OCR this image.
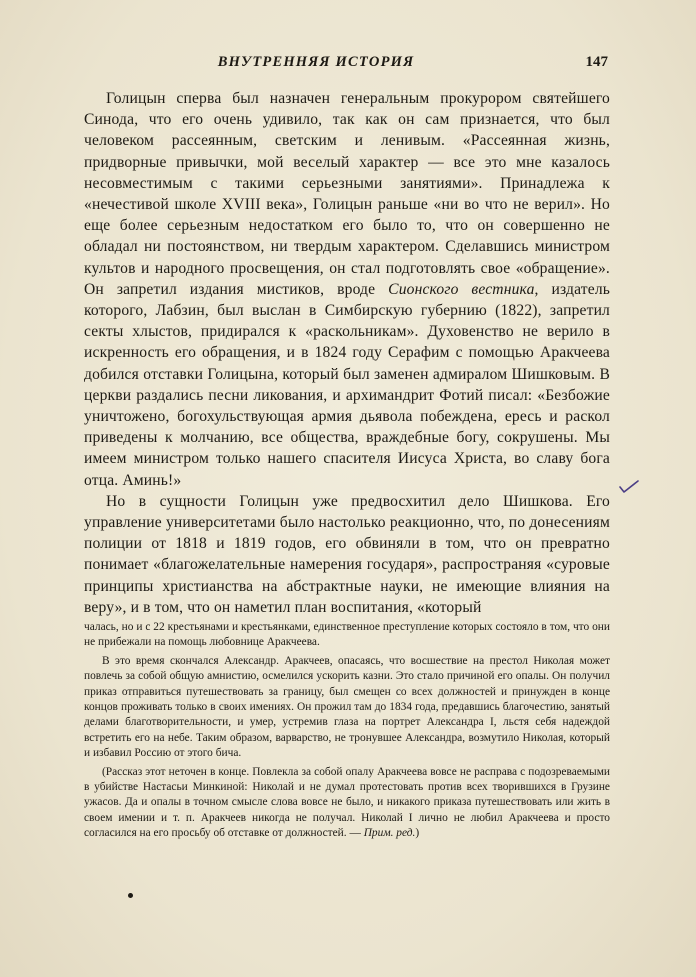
ВНУТРЕННЯЯ ИСТОРИЯ	147

Голицын сперва был назначен генеральным прокурором святейшего Синода, что его очень удивило, так как он сам признается, что был человеком рассеянным, светским и ленивым. «Рассеянная жизнь, придворные привычки, мой веселый характер — все это мне казалось несовместимым с такими серьезными занятиями». Принадлежа к «нечестивой школе XVIII века», Голицын раньше «ни во что не верил». Но еще более серьезным недостатком его было то, что он совершенно не обладал ни постоянством, ни твердым характером. Сделавшись министром культов и народного просвещения, он стал подготовлять свое «обращение». Он запретил издания мистиков, вроде Сионского вестника, издатель которого, Лабзин, был выслан в Симбирскую губернию (1822), запретил секты хлыстов, придирался к «раскольникам». Духовенство не верило в искренность его обращения, и в 1824 году Серафим с помощью Аракчеева добился отставки Голицына, который был заменен адмиралом Шишковым. В церкви раздались песни ликования, и архимандрит Фотий писал: «Безбожие уничтожено, богохульствующая армия дьявола побеждена, ересь и раскол приведены к молчанию, все общества, враждебные богу, сокрушены. Мы имеем министром только нашего спасителя Иисуса Христа, во славу бога отца. Аминь!»

Но в сущности Голицын уже предвосхитил дело Шишкова. Его управление университетами было настолько реакционно, что, по донесениям полиции от 1818 и 1819 годов, его обвиняли в том, что он превратно понимает «благожелательные намерения государя», распространяя «суровые принципы христианства на абстрактные науки, не имеющие влияния на веру», и в том, что он наметил план воспитания, «который

чалась, но и с 22 крестьянами и крестьянками, единственное преступление которых состояло в том, что они не прибежали на помощь любовнице Аракчеева.

В это время скончался Александр. Аракчеев, опасаясь, что восшествие на престол Николая может повлечь за собой общую амнистию, осмелился ускорить казни. Это стало причиной его опалы. Он получил приказ отправиться путешествовать за границу, был смещен со всех должностей и принужден в конце концов проживать только в своих имениях. Он прожил там до 1834 года, предавшись благочестию, занятый делами благотворительности, и умер, устремив глаза на портрет Александра I, льстя себя надеждой встретить его на небе. Таким образом, варварство, не тронувшее Александра, возмутило Николая, который и избавил Россию от этого бича.

(Рассказ этот неточен в конце. Повлекла за собой опалу Аракчеева вовсе не расправа с подозреваемыми в убийстве Настасьи Минкиной: Николай и не думал протестовать против всех творившихся в Грузине ужасов. Да и опалы в точном смысле слова вовсе не было, и никакого приказа путешествовать или жить в своем имении и т. п. Аракчеев никогда не получал. Николай I лично не любил Аракчеева и просто согласился на его просьбу об отставке от должностей. — Прим. ред.)
